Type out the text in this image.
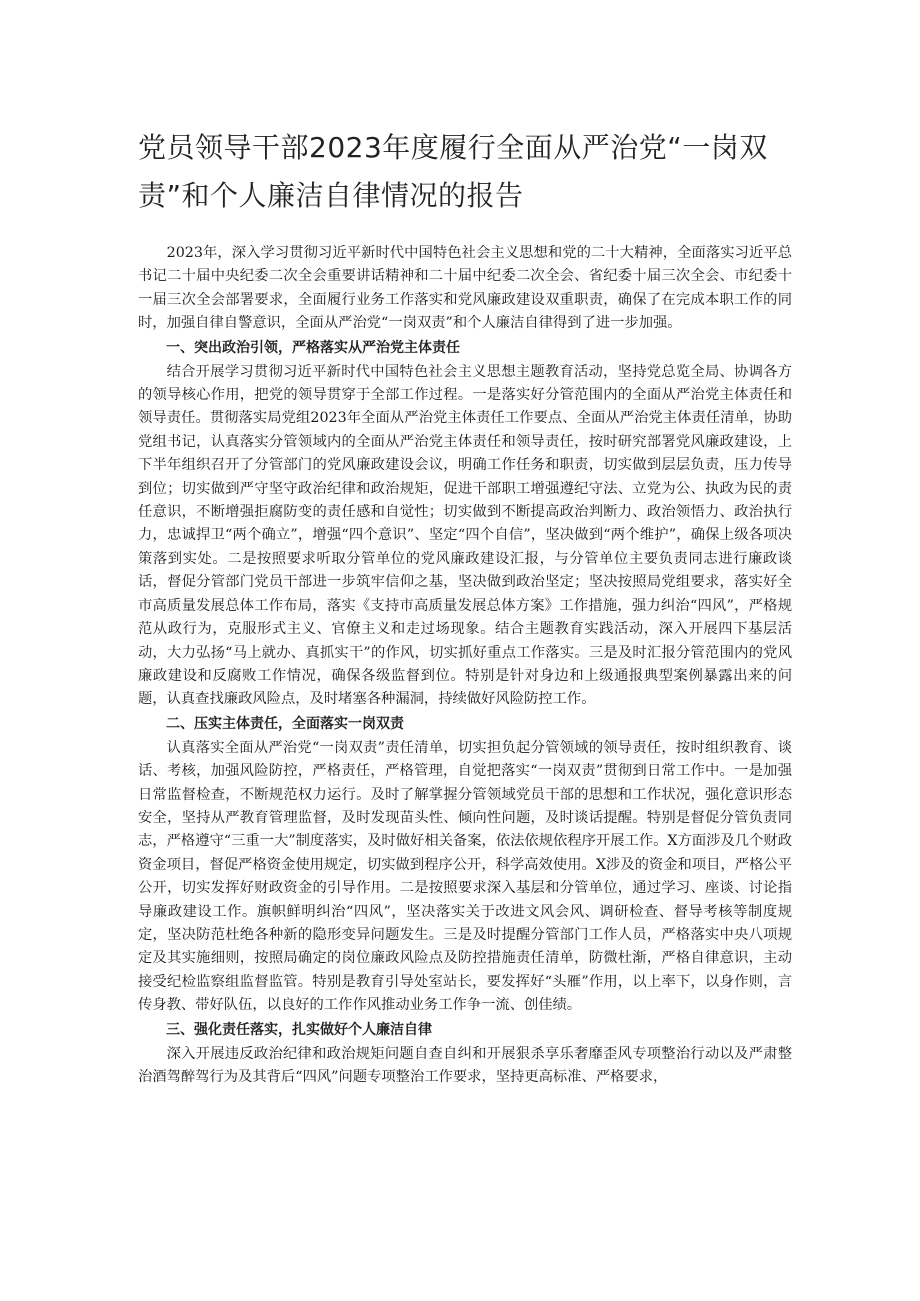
党员领导干部2023年度履行全面从严治党“一岗双责”和个人廉洁自律情况的报告

2023年，深入学习贯彻习近平新时代中国特色社会主义思想和党的二十大精神，全面落实习近平总书记二十届中央纪委二次全会重要讲话精神和二十届中纪委二次全会、省纪委十届三次全会、市纪委十一届三次全会部署要求，全面履行业务工作落实和党风廉政建设双重职责，确保了在完成本职工作的同时，加强自律自警意识，全面从严治党“一岗双责”和个人廉洁自律得到了进一步加强。

一、突出政治引领，严格落实从严治党主体责任

结合开展学习贯彻习近平新时代中国特色社会主义思想主题教育活动，坚持党总览全局、协调各方的领导核心作用，把党的领导贯穿于全部工作过程。一是落实好分管范围内的全面从严治党主体责任和领导责任。贯彻落实局党组2023年全面从严治党主体责任工作要点、全面从严治党主体责任清单，协助党组书记，认真落实分管领域内的全面从严治党主体责任和领导责任，按时研究部署党风廉政建设，上下半年组织召开了分管部门的党风廉政建设会议，明确工作任务和职责，切实做到层层负责，压力传导到位；切实做到严守坚守政治纪律和政治规矩，促进干部职工增强遵纪守法、立党为公、执政为民的责任意识，不断增强拒腐防变的责任感和自觉性；切实做到不断提高政治判断力、政治领悟力、政治执行力，忠诚捍卫“两个确立”，增强“四个意识”、坚定“四个自信”，坚决做到“两个维护”，确保上级各项决策落到实处。二是按照要求听取分管单位的党风廉政建设汇报，与分管单位主要负责同志进行廉政谈话，督促分管部门党员干部进一步筑牢信仰之基，坚决做到政治坚定；坚决按照局党组要求，落实好全市高质量发展总体工作布局，落实《支持市高质量发展总体方案》工作措施，强力纠治“四风”，严格规范从政行为，克服形式主义、官僚主义和走过场现象。结合主题教育实践活动，深入开展四下基层活动，大力弘扬“马上就办、真抓实干”的作风，切实抓好重点工作落实。三是及时汇报分管范围内的党风廉政建设和反腐败工作情况，确保各级监督到位。特别是针对身边和上级通报典型案例暴露出来的问题，认真查找廉政风险点，及时堵塞各种漏洞，持续做好风险防控工作。

二、压实主体责任，全面落实一岗双责

认真落实全面从严治党“一岗双责”责任清单，切实担负起分管领域的领导责任，按时组织教育、谈话、考核，加强风险防控，严格责任，严格管理，自觉把落实“一岗双责”贯彻到日常工作中。一是加强日常监督检查，不断规范权力运行。及时了解掌握分管领域党员干部的思想和工作状况，强化意识形态安全，坚持从严教育管理监督，及时发现苗头性、倾向性问题，及时谈话提醒。特别是督促分管负责同志，严格遵守“三重一大”制度落实，及时做好相关备案，依法依规依程序开展工作。X方面涉及几个财政资金项目，督促严格资金使用规定，切实做到程序公开，科学高效使用。X涉及的资金和项目，严格公平公开，切实发挥好财政资金的引导作用。二是按照要求深入基层和分管单位，通过学习、座谈、讨论指导廉政建设工作。旗帜鲜明纠治“四风”，坚决落实关于改进文风会风、调研检查、督导考核等制度规定，坚决防范杜绝各种新的隐形变异问题发生。三是及时提醒分管部门工作人员，严格落实中央八项规定及其实施细则，按照局确定的岗位廉政风险点及防控措施责任清单，防微杜渐，严格自律意识，主动接受纪检监察组监督监管。特别是教育引导处室站长，要发挥好“头雁”作用，以上率下，以身作则，言传身教、带好队伍，以良好的工作作风推动业务工作争一流、创佳绩。

三、强化责任落实，扎实做好个人廉洁自律

深入开展违反政治纪律和政治规矩问题自查自纠和开展狠杀享乐奢靡歪风专项整治行动以及严肃整治酒驾醉驾行为及其背后“四风”问题专项整治工作要求，坚持更高标准、严格要求，
